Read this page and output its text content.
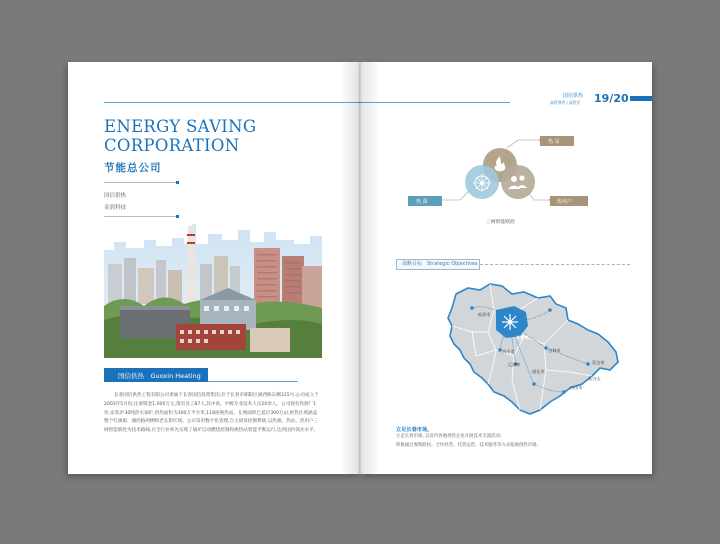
ENERGY SAVING
CORPORATION
节能总公司
国信供热
金润科技
国信供热　Guoxin Heating
长春国信供热工程有限公司隶属于长春国信投资集团,位于长春市朝阳区湖西路东侧315号,公司成立于2003年5月份,注册资金1,000万元,现有员工87人,其中高、中级专业技术人员20余人。公司现有热源厂1处,安装4*30吨热水锅炉,供热面积为300万平方米,118座换热站。在网面积已超过300万㎡,供热区域涵盖整个红旗街、湖西路两侧和老长影区域。公司采用数字化管理,自主研发控制系统,以热源、热站、热用户三网智能联控为技术路线,在全行业率先实现了锅炉自动燃烧控制和换热站智能平衡运行,达到国内领先水平。
国信供热
高管领导 / 高管层 19/20
热 站
热 源	热用户
三网智能联控
战略目标　Strategic Objectives
松原市
长春市
吉林市
四平市
辽源市
通化市
延边州
白山市
长白山
立足长春市场,
立足长春市场, 以省内各地供热企业开展技术交流活动;
积极通过收购股权、合作经营、托管运营、技术服务等方式拓展供热市场。
